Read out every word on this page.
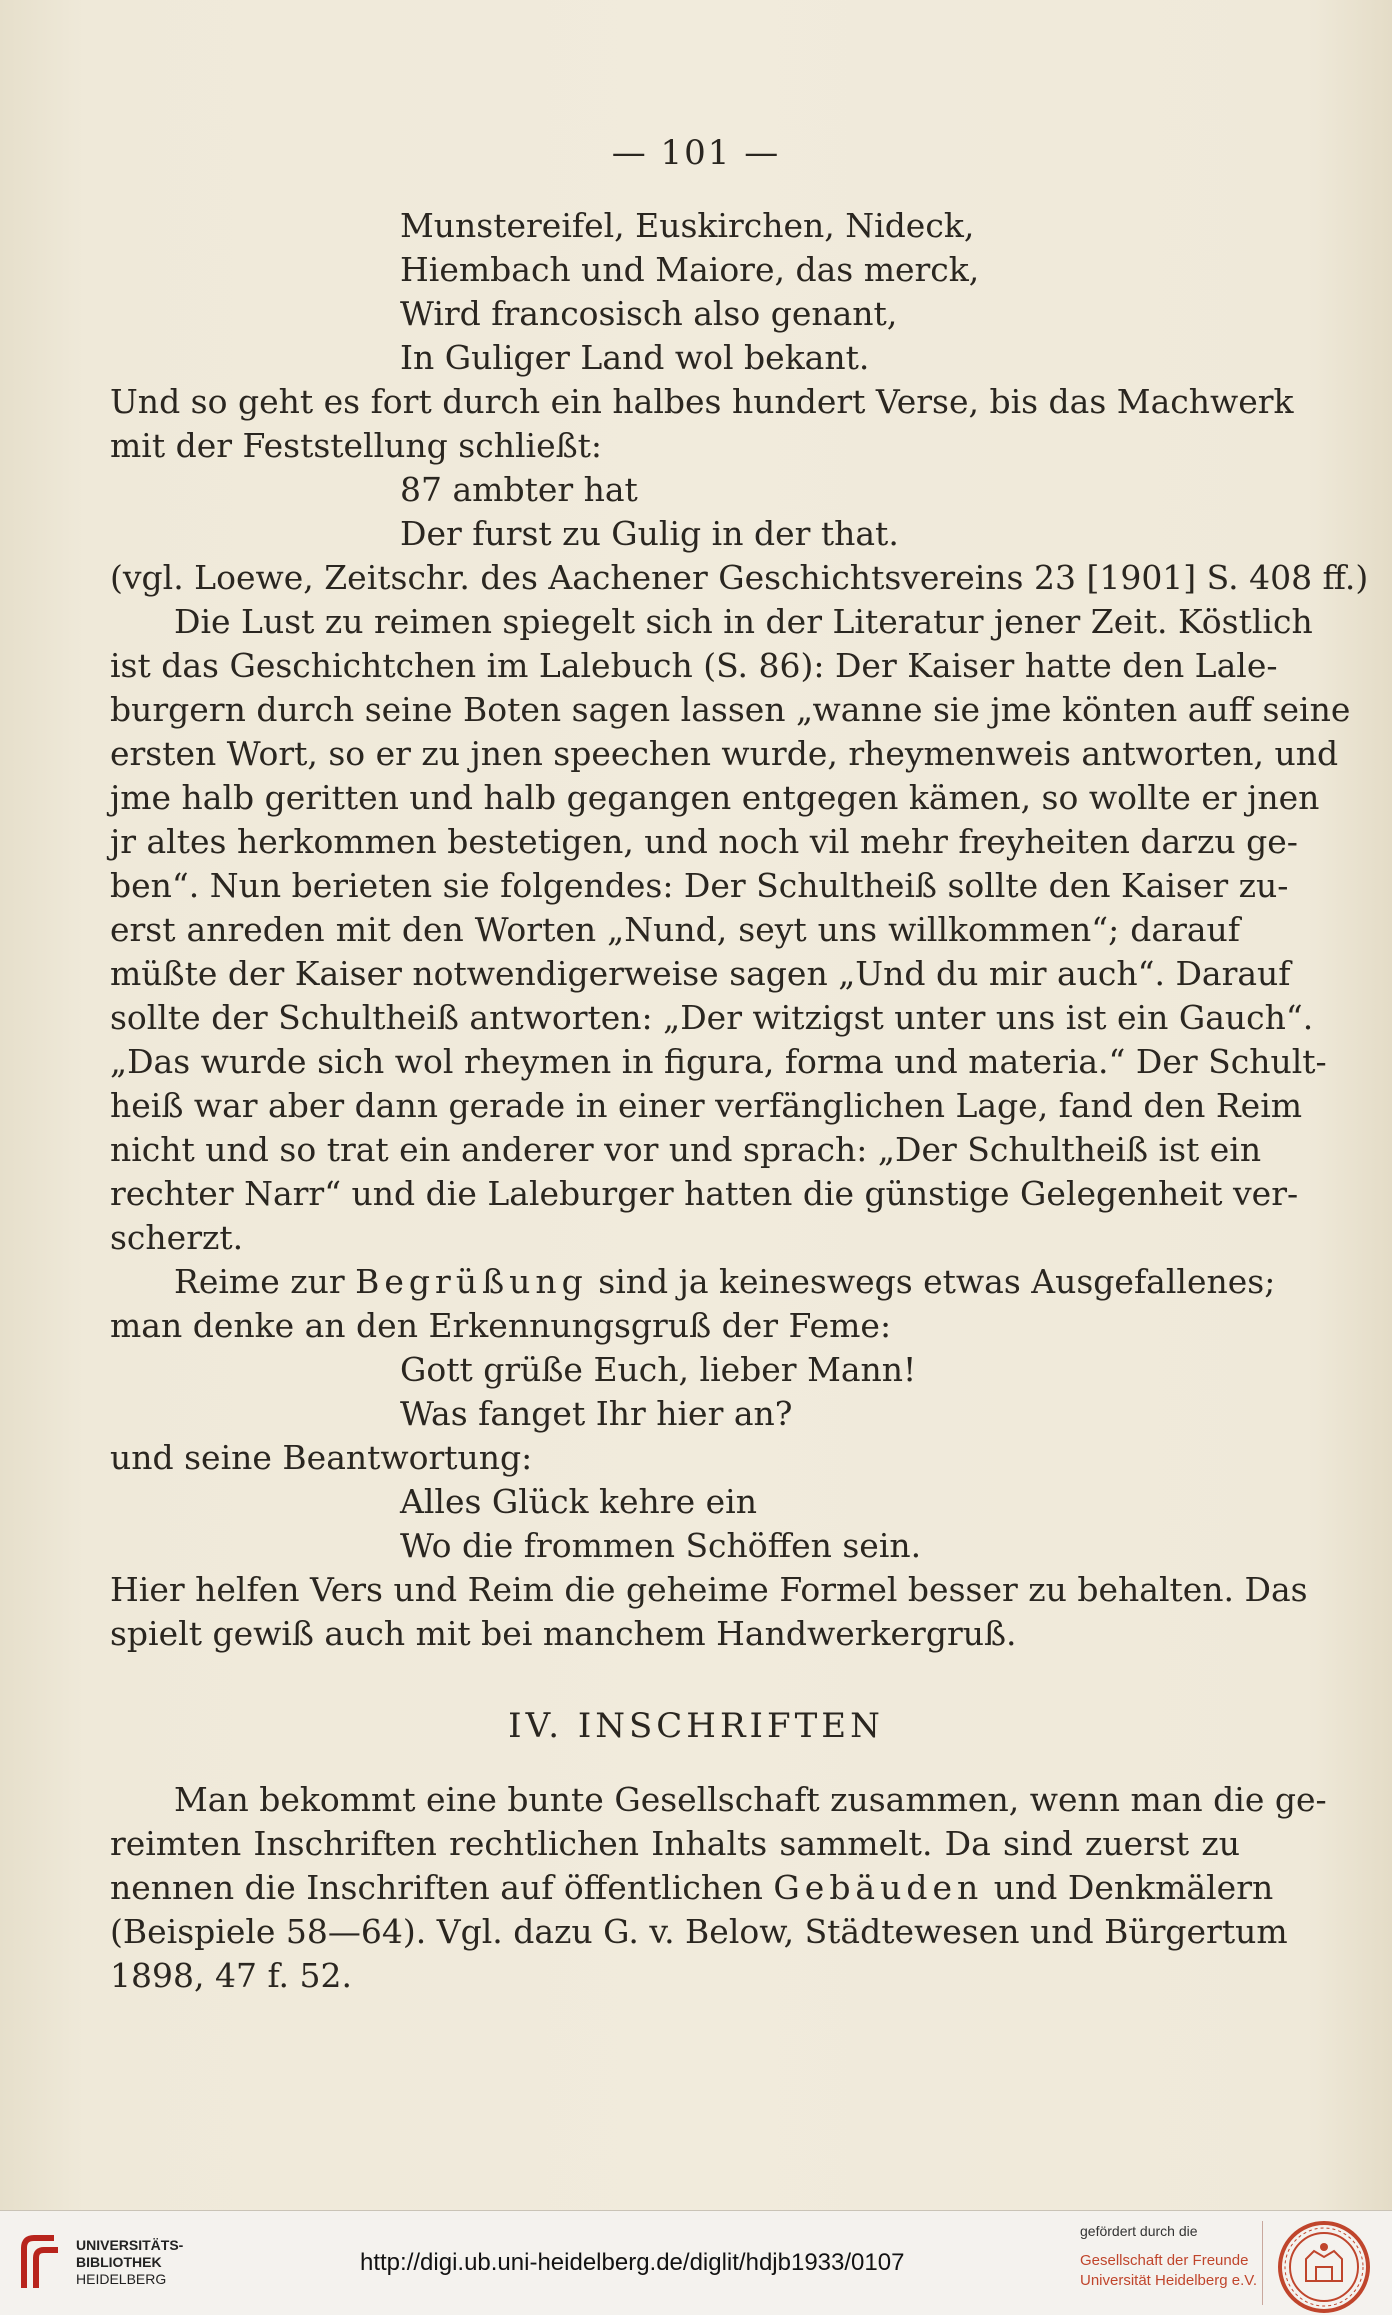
— 101 —
Munstereifel, Euskirchen, Nideck,
Hiembach und Maiore, das merck,
Wird francosisch also genant,
In Guliger Land wol bekant.
Und so geht es fort durch ein halbes hundert Verse, bis das Machwerk
mit der Feststellung schließt:
87 ambter hat
Der furst zu Gulig in der that.
(vgl. Loewe, Zeitschr. des Aachener Geschichtsvereins 23 [1901] S. 408 ff.)
Die Lust zu reimen spiegelt sich in der Literatur jener Zeit. Köstlich
ist das Geschichtchen im Lalebuch (S. 86): Der Kaiser hatte den Lale-
burgern durch seine Boten sagen lassen „wanne sie jme könten auff seine
ersten Wort, so er zu jnen speechen wurde, rheymenweis antworten, und
jme halb geritten und halb gegangen entgegen kämen, so wollte er jnen
jr altes herkommen bestetigen, und noch vil mehr freyheiten darzu ge-
ben“. Nun berieten sie folgendes: Der Schultheiß sollte den Kaiser zu-
erst anreden mit den Worten „Nund, seyt uns willkommen“; darauf
müßte der Kaiser notwendigerweise sagen „Und du mir auch“. Darauf
sollte der Schultheiß antworten: „Der witzigst unter uns ist ein Gauch“.
„Das wurde sich wol rheymen in figura, forma und materia.“ Der Schult-
heiß war aber dann gerade in einer verfänglichen Lage, fand den Reim
nicht und so trat ein anderer vor und sprach: „Der Schultheiß ist ein
rechter Narr“ und die Laleburger hatten die günstige Gelegenheit ver-
scherzt.
Reime zur Begrüßung sind ja keineswegs etwas Ausgefallenes;
man denke an den Erkennungsgruß der Feme:
Gott grüße Euch, lieber Mann!
Was fanget Ihr hier an?
und seine Beantwortung:
Alles Glück kehre ein
Wo die frommen Schöffen sein.
Hier helfen Vers und Reim die geheime Formel besser zu behalten. Das
spielt gewiß auch mit bei manchem Handwerkergruß.
IV. INSCHRIFTEN
Man bekommt eine bunte Gesellschaft zusammen, wenn man die ge-
reimten Inschriften rechtlichen Inhalts sammelt. Da sind zuerst zu
nennen die Inschriften auf öffentlichen Gebäuden und Denkmälern
(Beispiele 58—64). Vgl. dazu G. v. Below, Städtewesen und Bürgertum
1898, 47 f. 52.
UNIVERSITÄTS-
BIBLIOTHEK
HEIDELBERG
http://digi.ub.uni-heidelberg.de/diglit/hdjb1933/0107
gefördert durch die
Gesellschaft der Freunde
Universität Heidelberg e.V.
